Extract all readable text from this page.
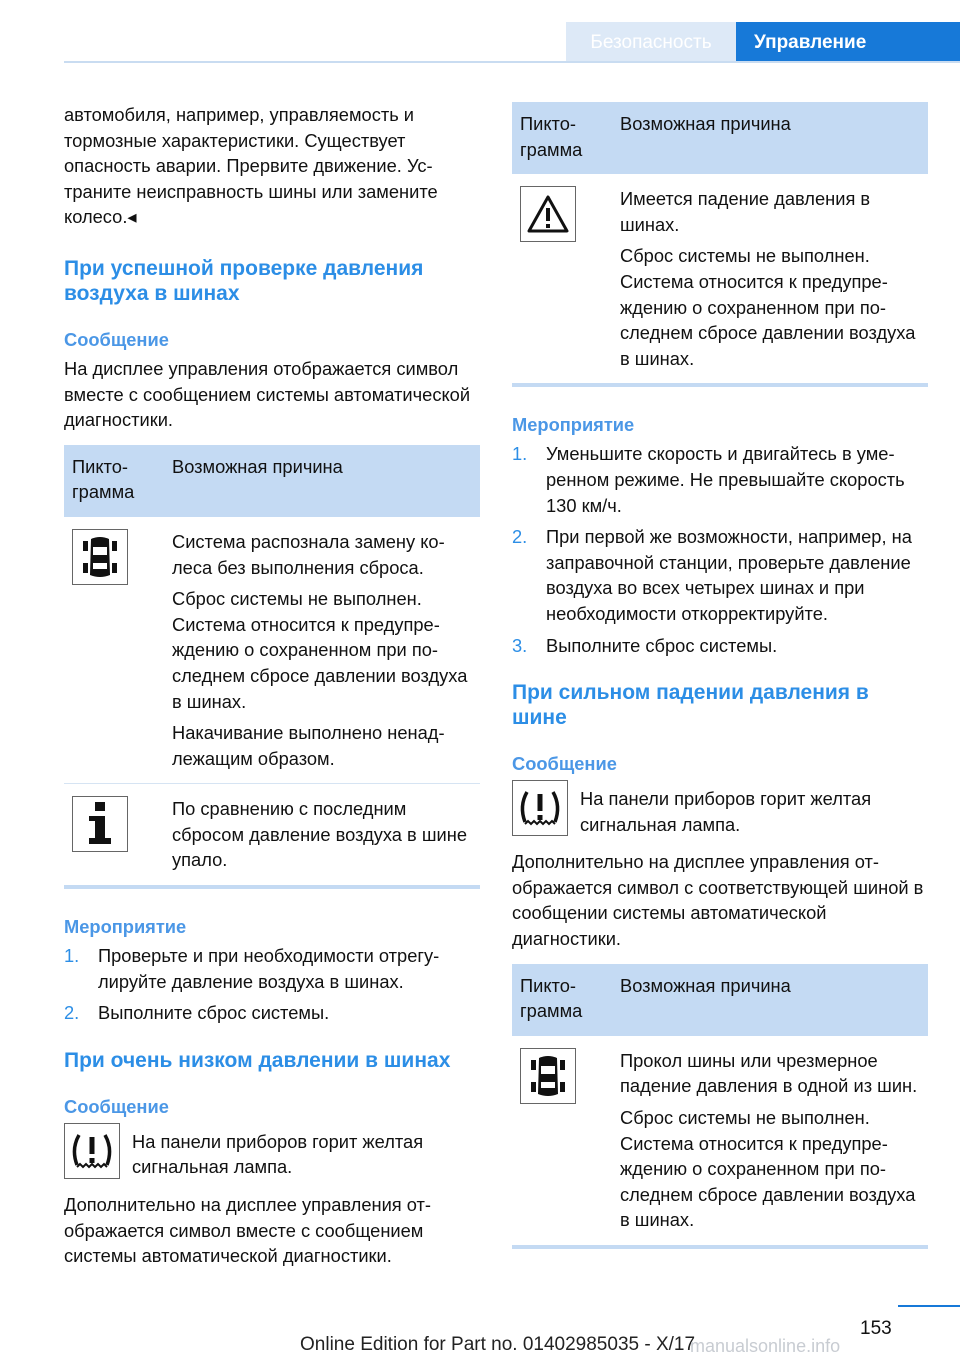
Безопасность	Управление
автомобиля, например, управляемость и тормозные характеристики. Существует опасность аварии. Прервите движение. Устраните неисправность шины или замените колесо.◂
При успешной проверке давления воздуха в шинах
Сообщение
На дисплее управления отображается символ вместе с сообщением системы автоматической диагностики.
Пиктограмма	Возможная причина

Система распознала замену колеса без выполнения сброса.
Сброс системы не выполнен. Система относится к предупреждению о сохраненном при последнем сбросе давлении воздуха в шинах.
Накачивание выполнено ненадлежащим образом.

По сравнению с последним сбросом давление воздуха в шине упало.
Мероприятие
1.	Проверьте и при необходимости отрегулируйте давление воздуха в шинах.
2.	Выполните сброс системы.
При очень низком давлении в шинах
Сообщение
На панели приборов горит желтая сигнальная лампа.
Дополнительно на дисплее управления отображается символ вместе с сообщением системы автоматической диагностики.
Пиктограмма	Возможная причина

Имеется падение давления в шинах.
Сброс системы не выполнен. Система относится к предупреждению о сохраненном при последнем сбросе давлении воздуха в шинах.
Мероприятие
1.	Уменьшите скорость и двигайтесь в умеренном режиме. Не превышайте скорость 130 км/ч.
2.	При первой же возможности, например, на заправочной станции, проверьте давление воздуха во всех четырех шинах и при необходимости откорректируйте.
3.	Выполните сброс системы.
При сильном падении давления в шине
Сообщение
На панели приборов горит желтая сигнальная лампа.
Дополнительно на дисплее управления отображается символ с соответствующей шиной в сообщении системы автоматической диагностики.
Пиктограмма	Возможная причина

Прокол шины или чрезмерное падение давления в одной из шин.
Сброс системы не выполнен. Система относится к предупреждению о сохраненном при последнем сбросе давлении воздуха в шинах.
153
Online Edition for Part no. 01402985035 - X/17
manualsonline.info
